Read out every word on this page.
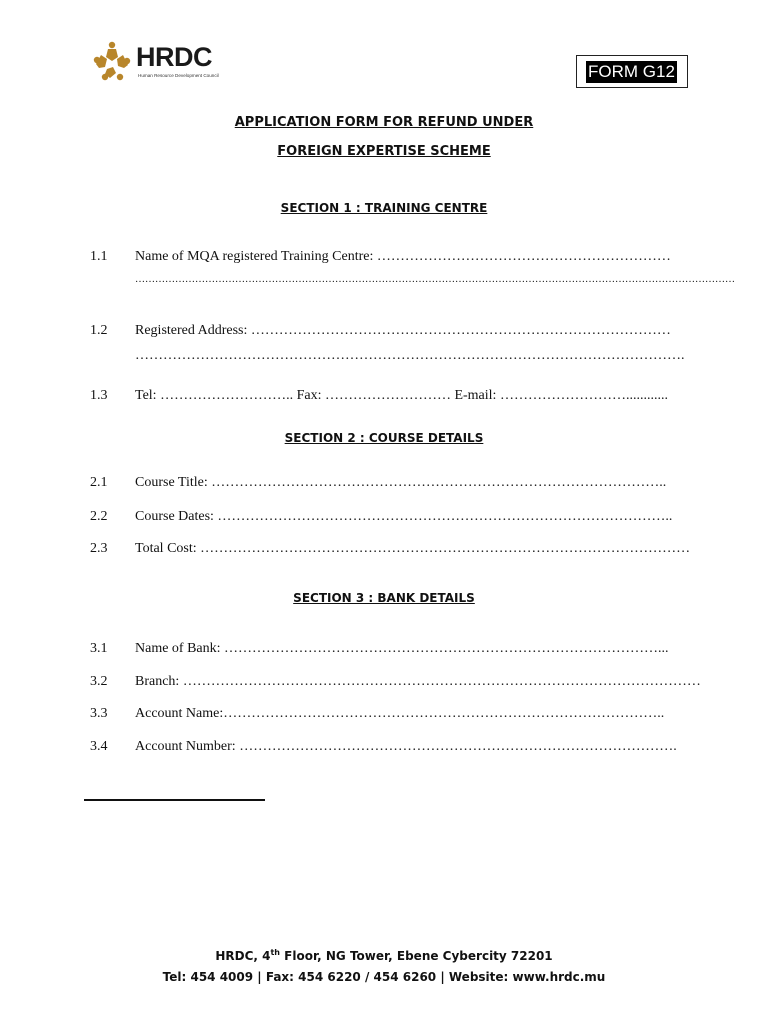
HRDC
Human Resource Development Council	FORM G12
APPLICATION FORM FOR REFUND UNDER
FOREIGN EXPERTISE SCHEME
SECTION 1 : TRAINING CENTRE
1.1 Name of MQA registered Training Centre: ………………………………………………………
………………………………………………………………………………………………………………………………………………………………
1.2 Registered Address: ………………………………………………………………………………
……………………………………………………………………………………………………….
1.3 Tel: ……………………….. Fax: ……………………… E-mail: ………………………............
SECTION 2 : COURSE DETAILS
2.1 Course Title: ……………………………………………………………………………………..
2.2 Course Dates: ……………………………………………………………………………………..
2.3 Total Cost: ……………………………………………………………………………………………
SECTION 3 : BANK DETAILS
3.1 Name of Bank: …………………………………………………………………………………...
3.2 Branch: …………………………………………………………………………………………………
3.3 Account Name:…………………………………………………………………………………..
3.4 Account Number: ………………………………………………………………………………….
HRDC, 4th Floor, NG Tower, Ebene Cybercity 72201
Tel: 454 4009 | Fax: 454 6220 / 454 6260 | Website: www.hrdc.mu
